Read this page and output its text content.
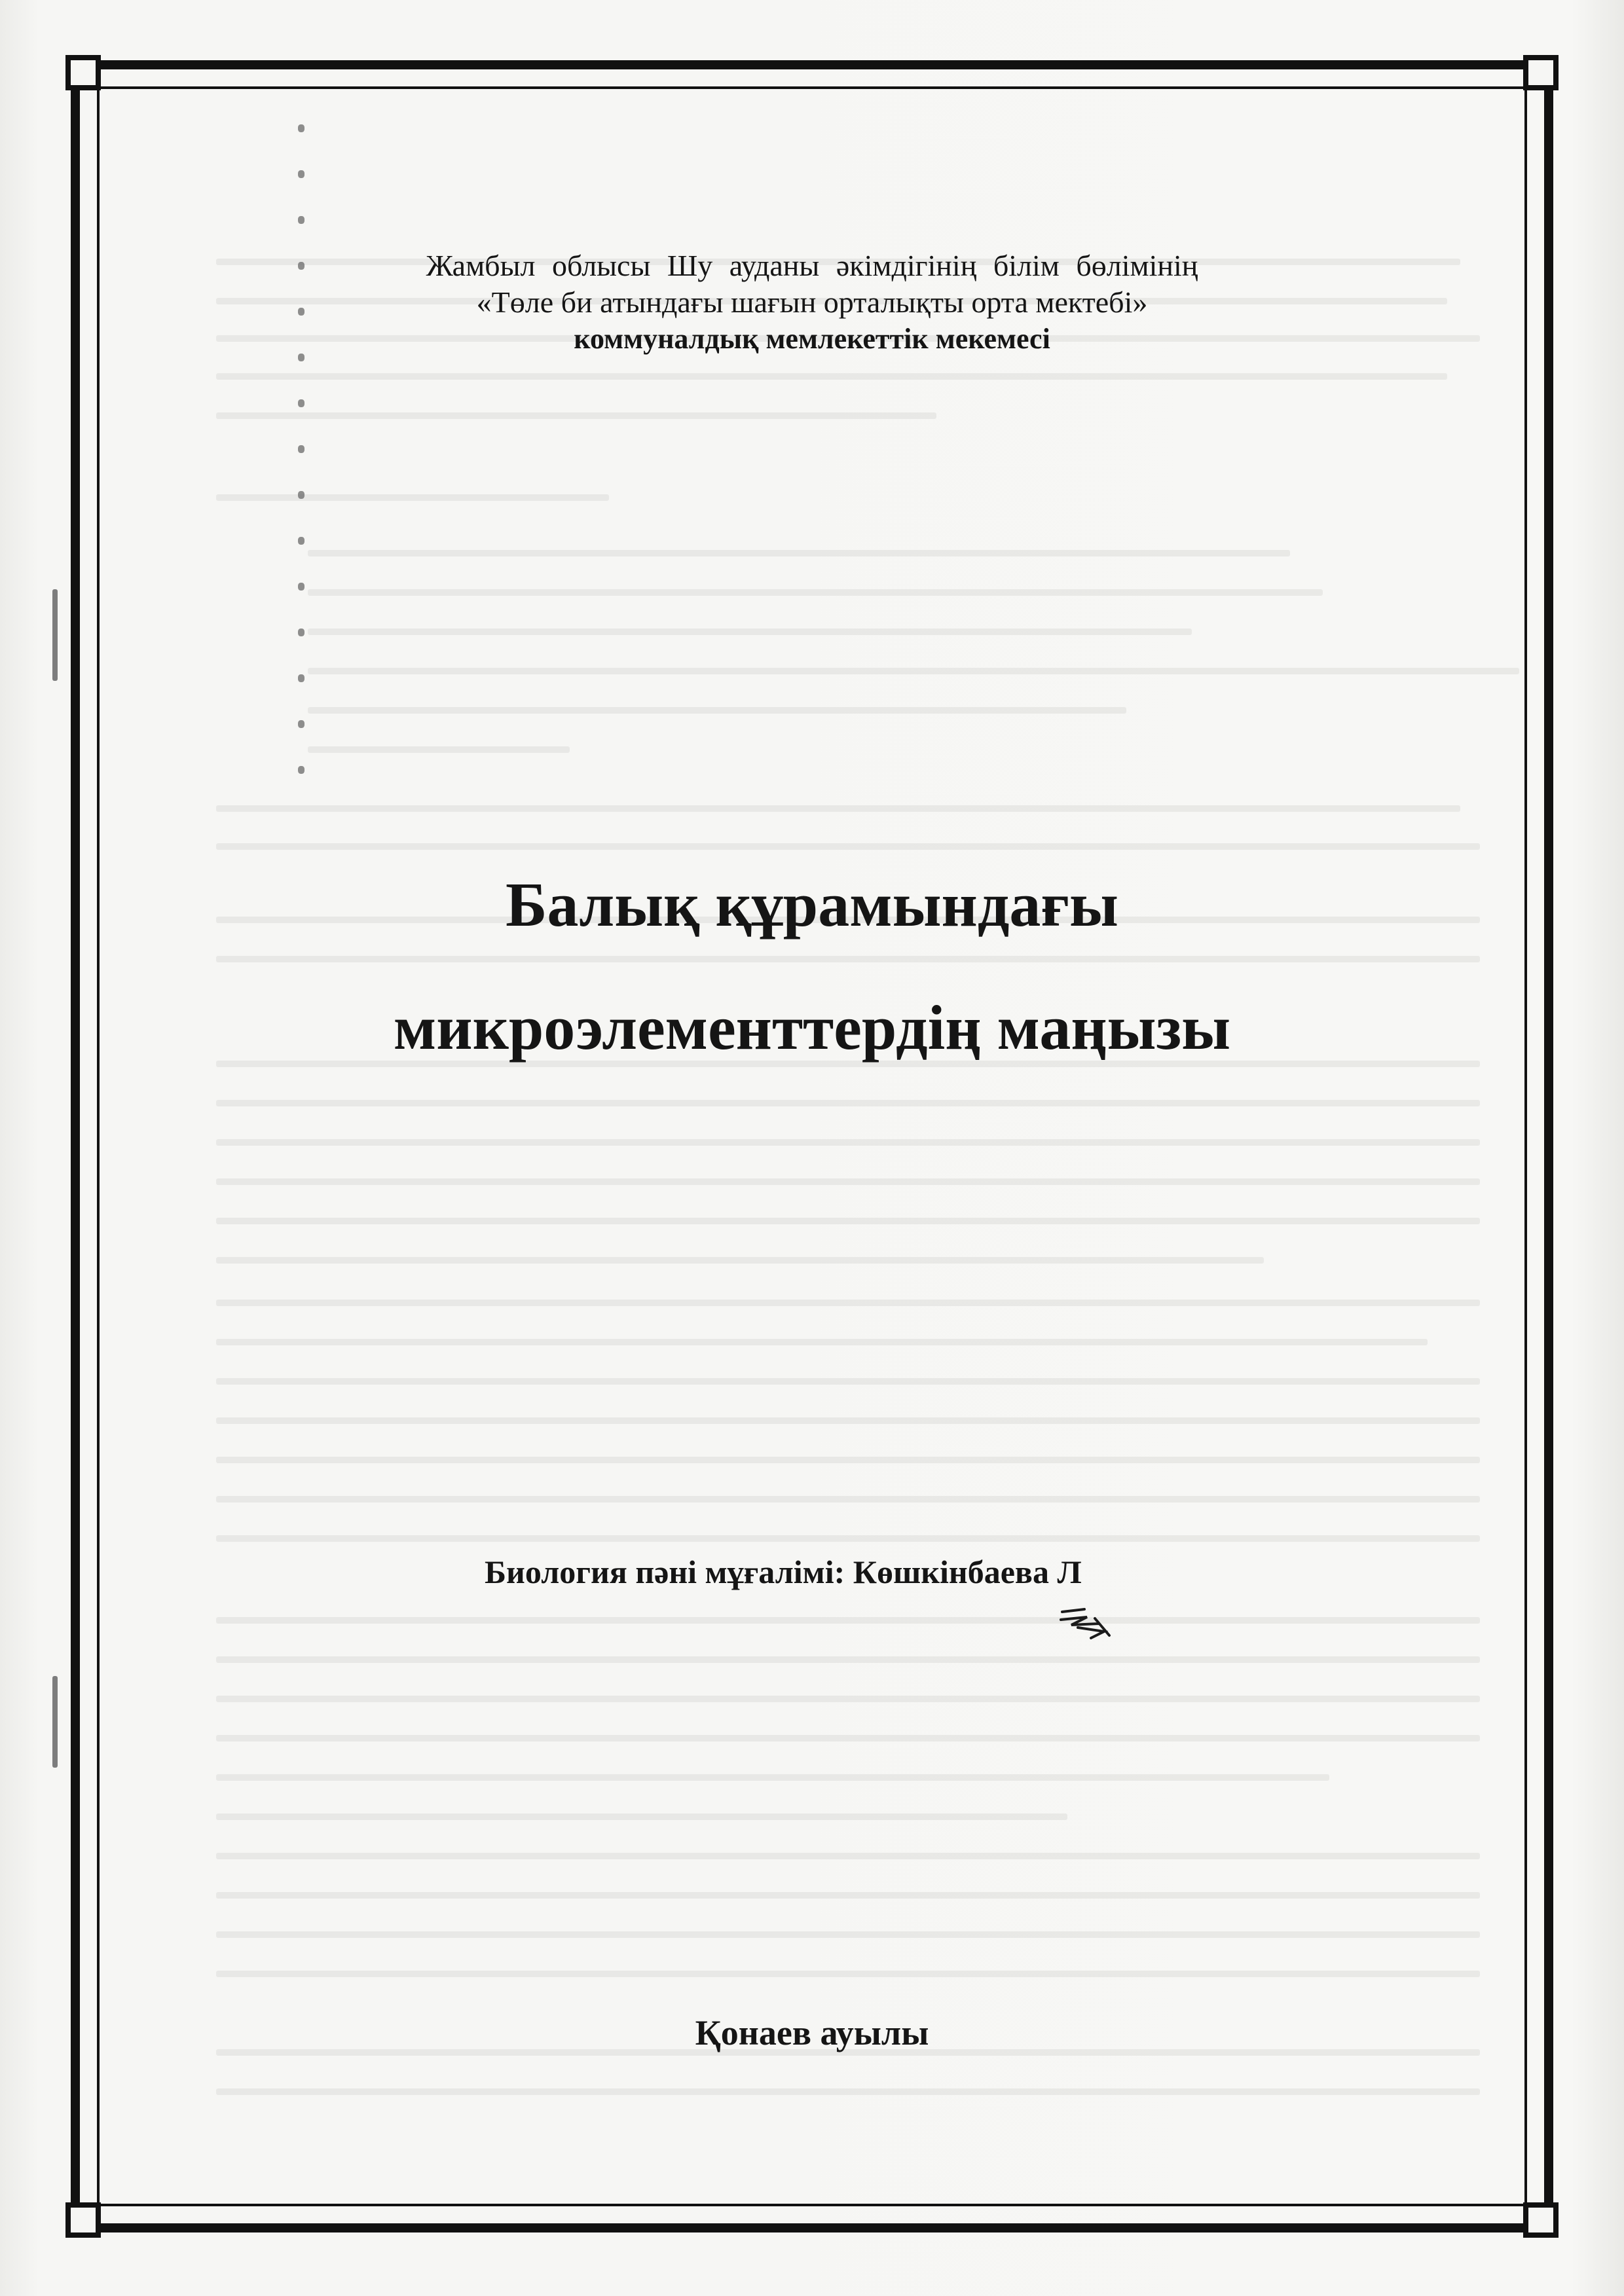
Жамбыл облысы Шу ауданы әкімдігінің білім бөлімінің
«Төле би атындағы шағын орталықты орта мектебі»
коммуналдық мемлекеттік мекемесі
Балық құрамындағы
микроэлементтердің маңызы
Биология пәні мұғалімі: Көшкінбаева Л
Қонаев ауылы
